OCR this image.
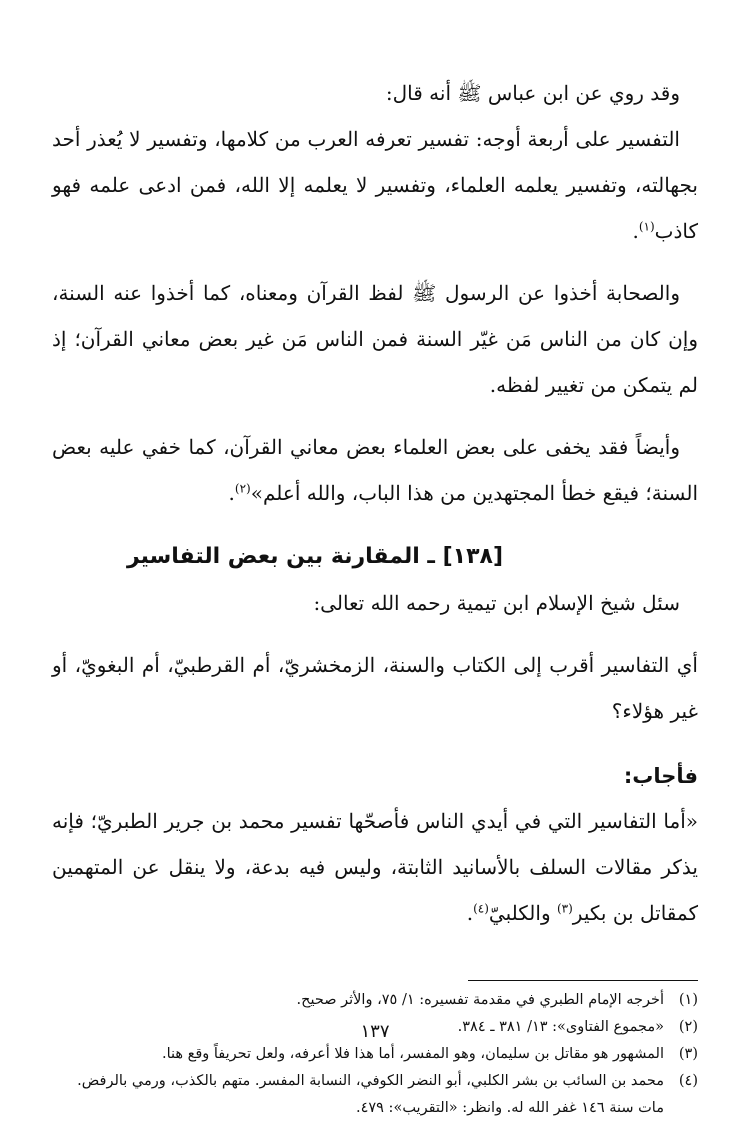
وقد روي عن ابن عباس ﷺ أنه قال:

التفسير على أربعة أوجه: تفسير تعرفه العرب من كلامها، وتفسير لا يُعذر أحد بجهالته، وتفسير يعلمه العلماء، وتفسير لا يعلمه إلا الله، فمن ادعى علمه فهو كاذب$^{(١)}$.

والصحابة أخذوا عن الرسول ﷺ لفظ القرآن ومعناه، كما أخذوا عنه السنة، وإن كان من الناس مَن غيّر السنة فمن الناس مَن غير بعض معاني القرآن؛ إذ لم يتمكن من تغيير لفظه.

وأيضاً فقد يخفى على بعض العلماء بعض معاني القرآن، كما خفي عليه بعض السنة؛ فيقع خطأ المجتهدين من هذا الباب، والله أعلم»$^{(٢)}$.

[١٣٨] ـ المقارنة بين بعض التفاسير

سئل شيخ الإسلام ابن تيمية رحمه الله تعالى:

أي التفاسير أقرب إلى الكتاب والسنة، الزمخشريّ، أم القرطبيّ، أم البغويّ، أو غير هؤلاء؟

فأجاب:

«أما التفاسير التي في أيدي الناس فأصحّها تفسير محمد بن جرير الطبريّ؛ فإنه يذكر مقالات السلف بالأسانيد الثابتة، وليس فيه بدعة، ولا ينقل عن المتهمين كمقاتل بن بكير$^{(٣)}$ والكلبيّ$^{(٤)}$.

(١)
أخرجه الإمام الطبري في مقدمة تفسيره: ١/ ٧٥، والأثر صحيح.
(٢)
«مجموع الفتاوى»: ١٣/ ٣٨١ ـ ٣٨٤.
(٣)
المشهور هو مقاتل بن سليمان، وهو المفسر، أما هذا فلا أعرفه، ولعل تحريفاً وقع هنا.
(٤)
محمد بن السائب بن بشر الكلبي، أبو النضر الكوفي، النسابة المفسر. متهم بالكذب، ورمي بالرفض. مات سنة ١٤٦ غفر الله له. وانظر: «التقريب»: ٤٧٩.
١٣٧
